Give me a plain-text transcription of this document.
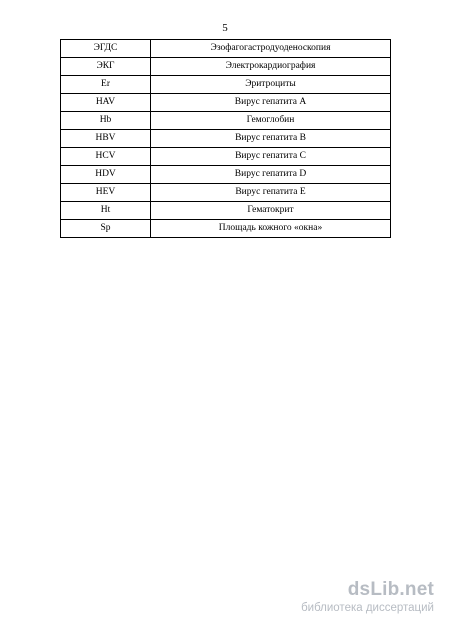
5
ЭГДС	Эзофагогастродуоденоскопия
ЭКГ	Электрокардиография
Er	Эритроциты
HAV	Вирус гепатита А
Hb	Гемоглобин
HBV	Вирус гепатита В
HCV	Вирус гепатита С
HDV	Вирус гепатита D
HEV	Вирус гепатита Е
Ht	Гематокрит
Sp	Площадь кожного «окна»
dsLib.net
библиотека диссертаций
